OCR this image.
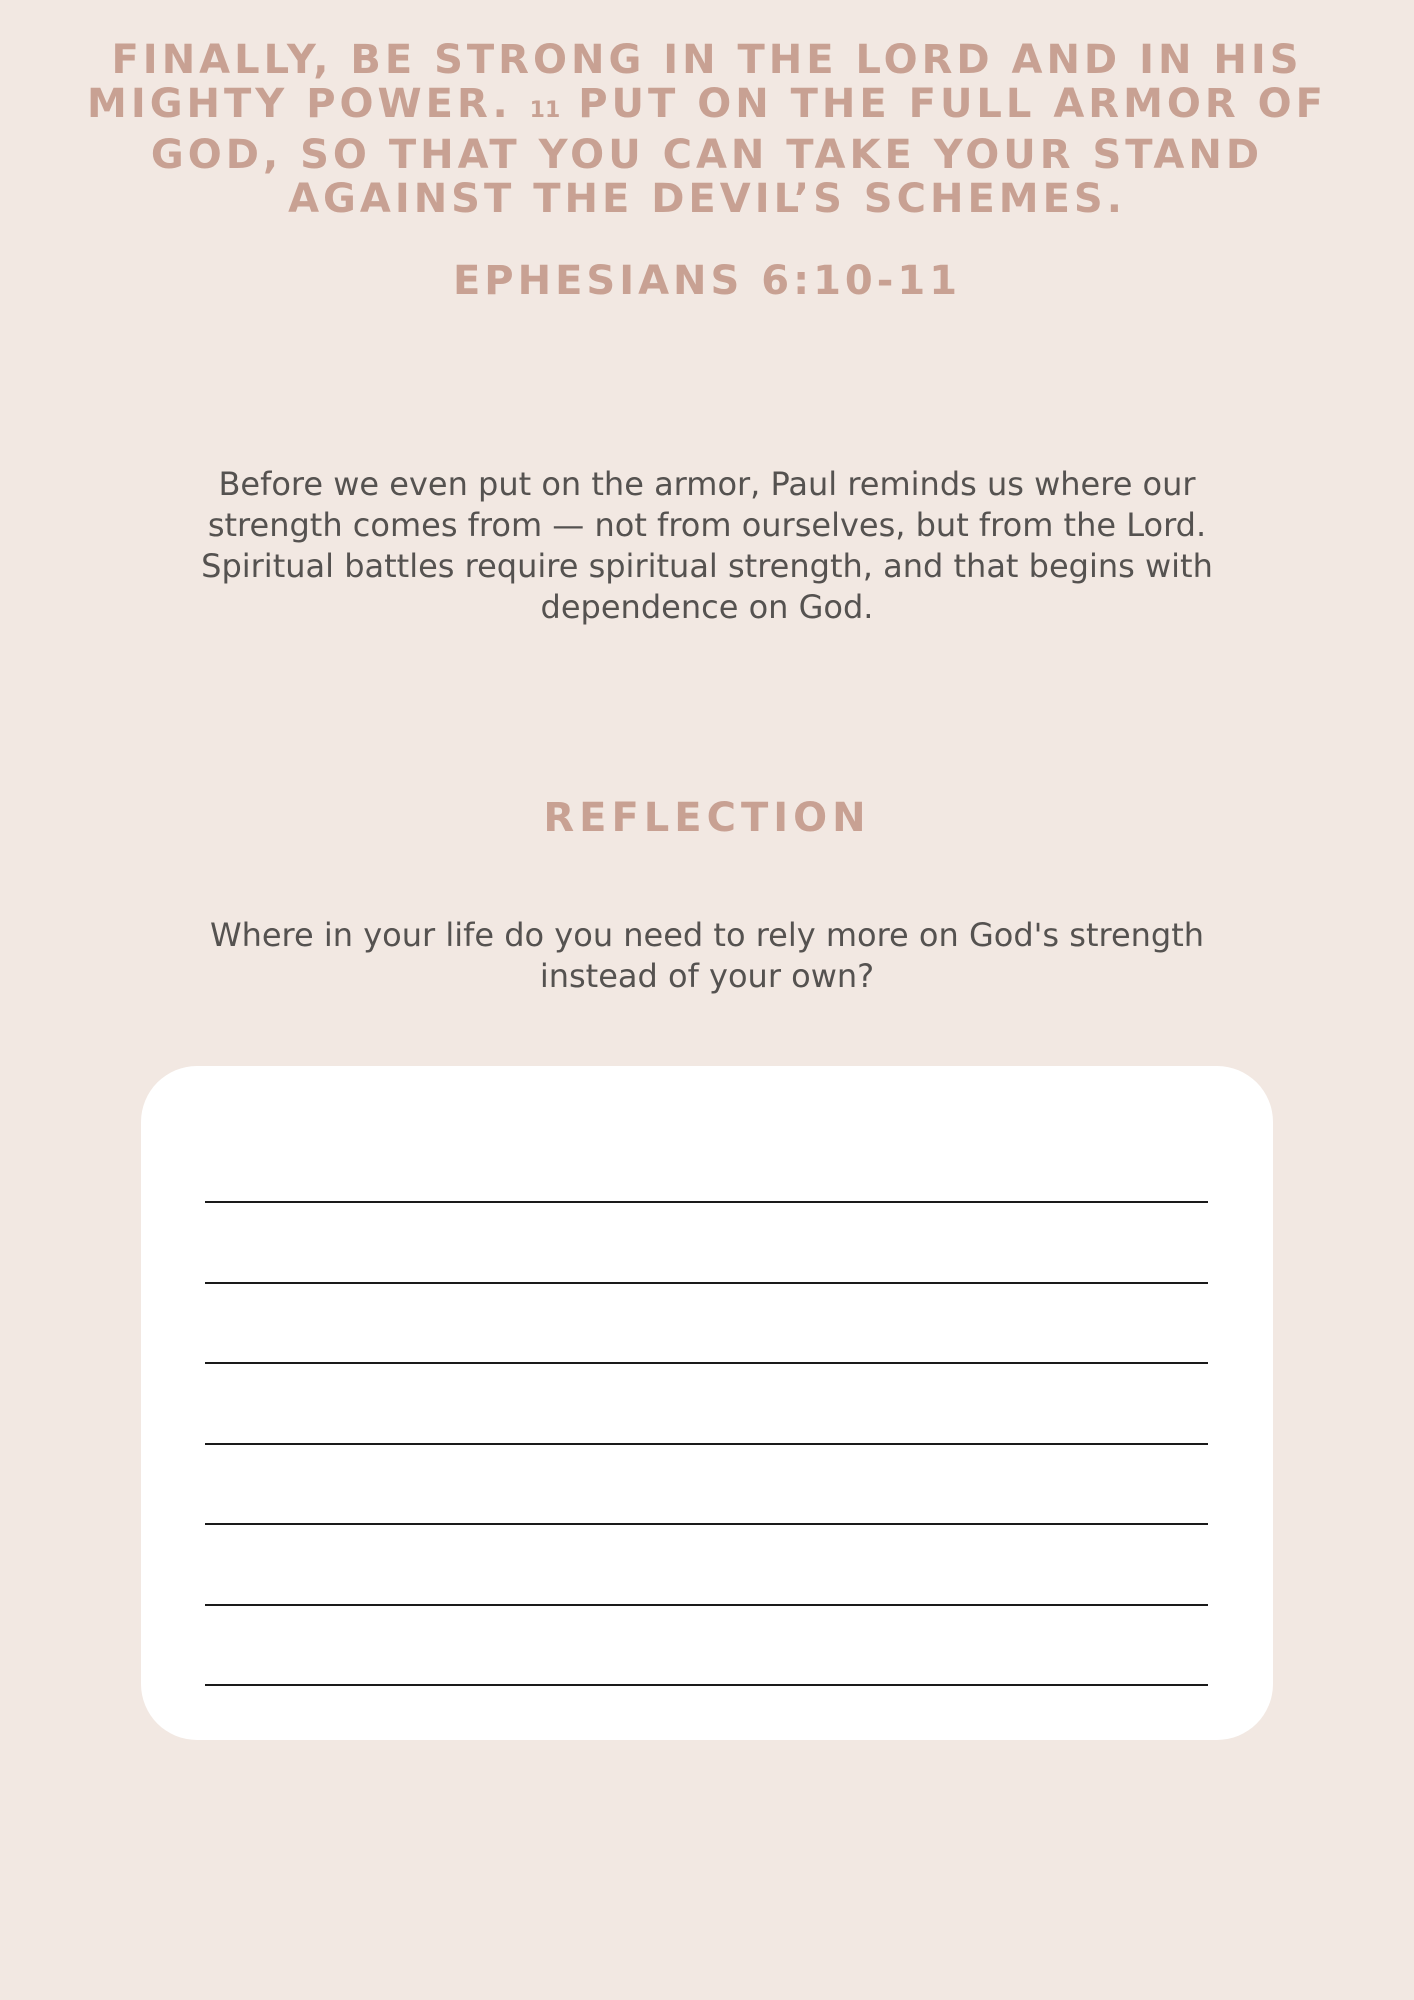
FINALLY, BE STRONG IN THE LORD AND IN HIS MIGHTY POWER. 11 PUT ON THE FULL ARMOR OF GOD, SO THAT YOU CAN TAKE YOUR STAND AGAINST THE DEVIL’S SCHEMES.
EPHESIANS 6:10-11

Before we even put on the armor, Paul reminds us where our strength comes from — not from ourselves, but from the Lord. Spiritual battles require spiritual strength, and that begins with dependence on God.

REFLECTION

Where in your life do you need to rely more on God's strength instead of your own?
